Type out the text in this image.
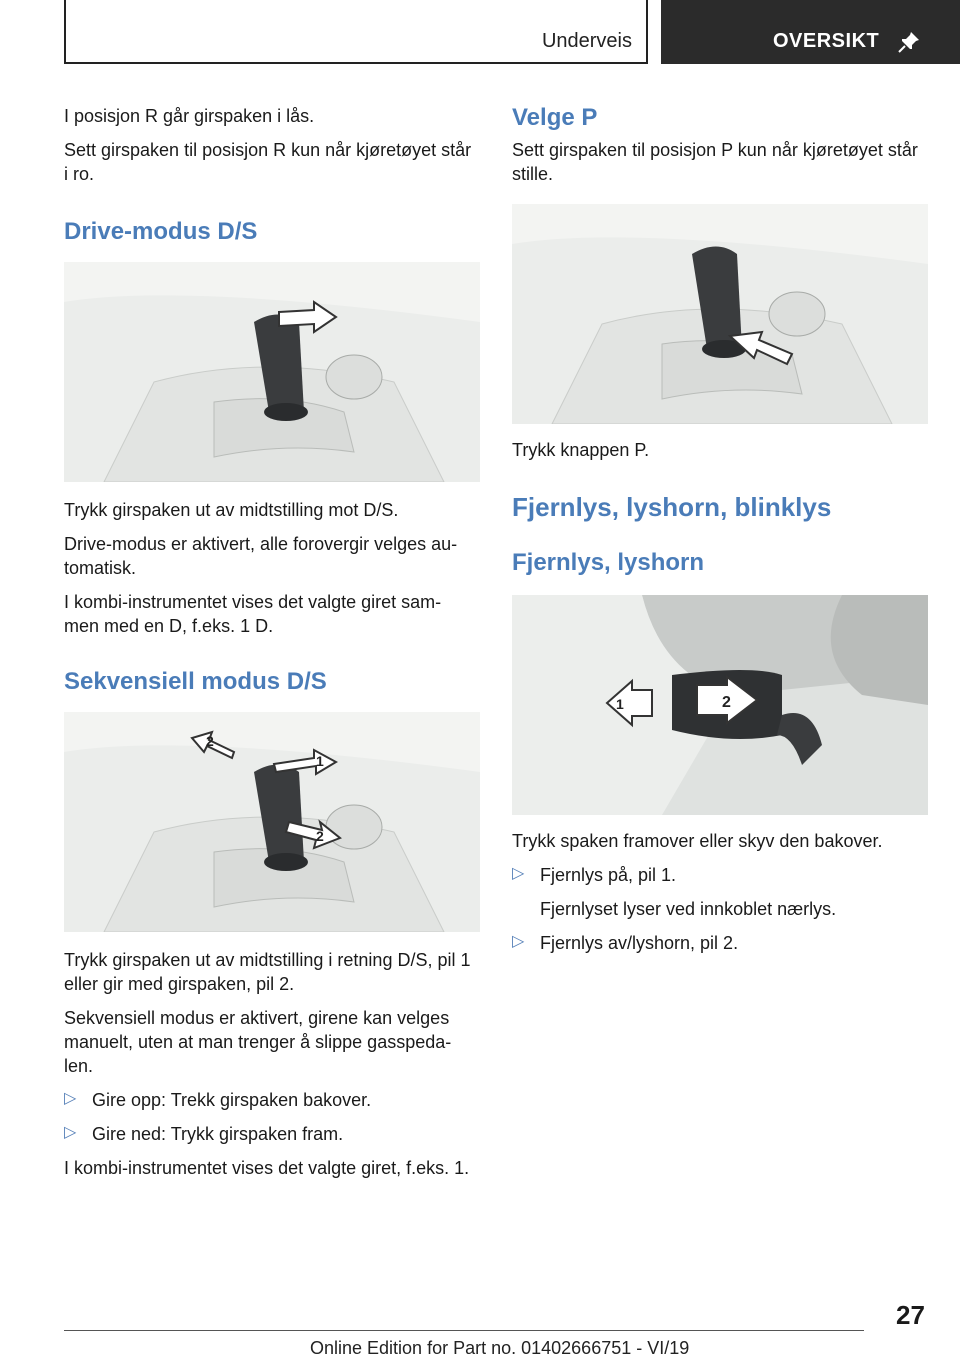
Underveis	OVERSIKT

I posisjon R går girspaken i lås.

Sett girspaken til posisjon R kun når kjøretøyet står i ro.

Drive-modus D/S

Trykk girspaken ut av midtstilling mot D/S.

Drive-modus er aktivert, alle forovergir velges au- tomatisk.

I kombi-instrumentet vises det valgte giret sam- men med en D, f.eks. 1 D.

Sekvensiell modus D/S
2
1
2

Trykk girspaken ut av midtstilling i retning D/S, pil 1 eller gir med girspaken, pil 2.

Sekvensiell modus er aktivert, girene kan velges manuelt, uten at man trenger å slippe gasspeda- len.

▷ Gire opp: Trekk girspaken bakover.

▷ Gire ned: Trykk girspaken fram.

I kombi-instrumentet vises det valgte giret, f.eks. 1.

Velge P

Sett girspaken til posisjon P kun når kjøretøyet står stille.

Trykk knappen P.

Fjernlys, lyshorn, blinklys
Fjernlys, lyshorn
2
1

Trykk spaken framover eller skyv den bakover.

▷ Fjernlys på, pil 1.

Fjernlyset lyser ved innkoblet nærlys.

▷ Fjernlys av/lyshorn, pil 2.

27
Online Edition for Part no. 01402666751 - VI/19
